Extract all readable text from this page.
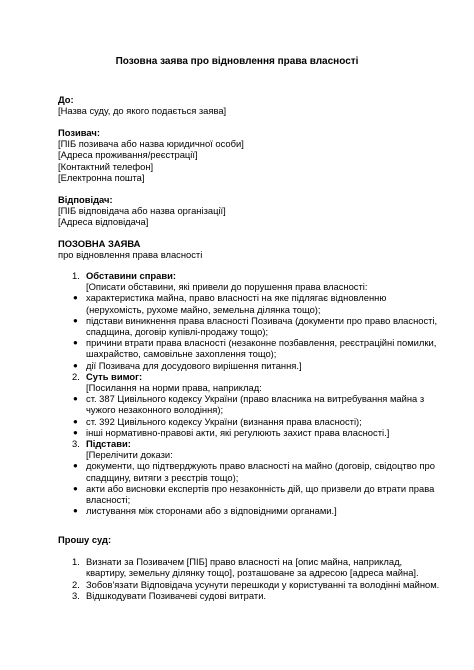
Позовна заява про відновлення права власності
До:
[Назва суду, до якого подається заява]
Позивач:
[ПІБ позивача або назва юридичної особи]
[Адреса проживання/реєстрації]
[Контактний телефон]
[Електронна пошта]
Відповідач:
[ПІБ відповідача або назва організації]
[Адреса відповідача]
ПОЗОВНА ЗАЯВА
про відновлення права власності
1. Обставини справи:
[Описати обставини, які привели до порушення права власності:
● характеристика майна, право власності на яке підлягає відновленню
(нерухомість, рухоме майно, земельна ділянка тощо);
● підстави виникнення права власності Позивача (документи про право власності,
спадщина, договір купівлі-продажу тощо);
● причини втрати права власності (незаконне позбавлення, реєстраційні помилки,
шахрайство, самовільне захоплення тощо);
● дії Позивача для досудового вирішення питання.]
2. Суть вимог:
[Посилання на норми права, наприклад:
● ст. 387 Цивільного кодексу України (право власника на витребування майна з
чужого незаконного володіння);
● ст. 392 Цивільного кодексу України (визнання права власності);
● інші нормативно-правові акти, які регулюють захист права власності.]
3. Підстави:
[Перелічити докази:
● документи, що підтверджують право власності на майно (договір, свідоцтво про
спадщину, витяги з реєстрів тощо);
● акти або висновки експертів про незаконність дій, що призвели до втрати права
власності;
● листування між сторонами або з відповідними органами.]
Прошу суд:
1. Визнати за Позивачем [ПІБ] право власності на [опис майна, наприклад,
квартиру, земельну ділянку тощо], розташоване за адресою [адреса майна].
2. Зобов'язати Відповідача усунути перешкоди у користуванні та володінні майном.
3. Відшкодувати Позивачеві судові витрати.
